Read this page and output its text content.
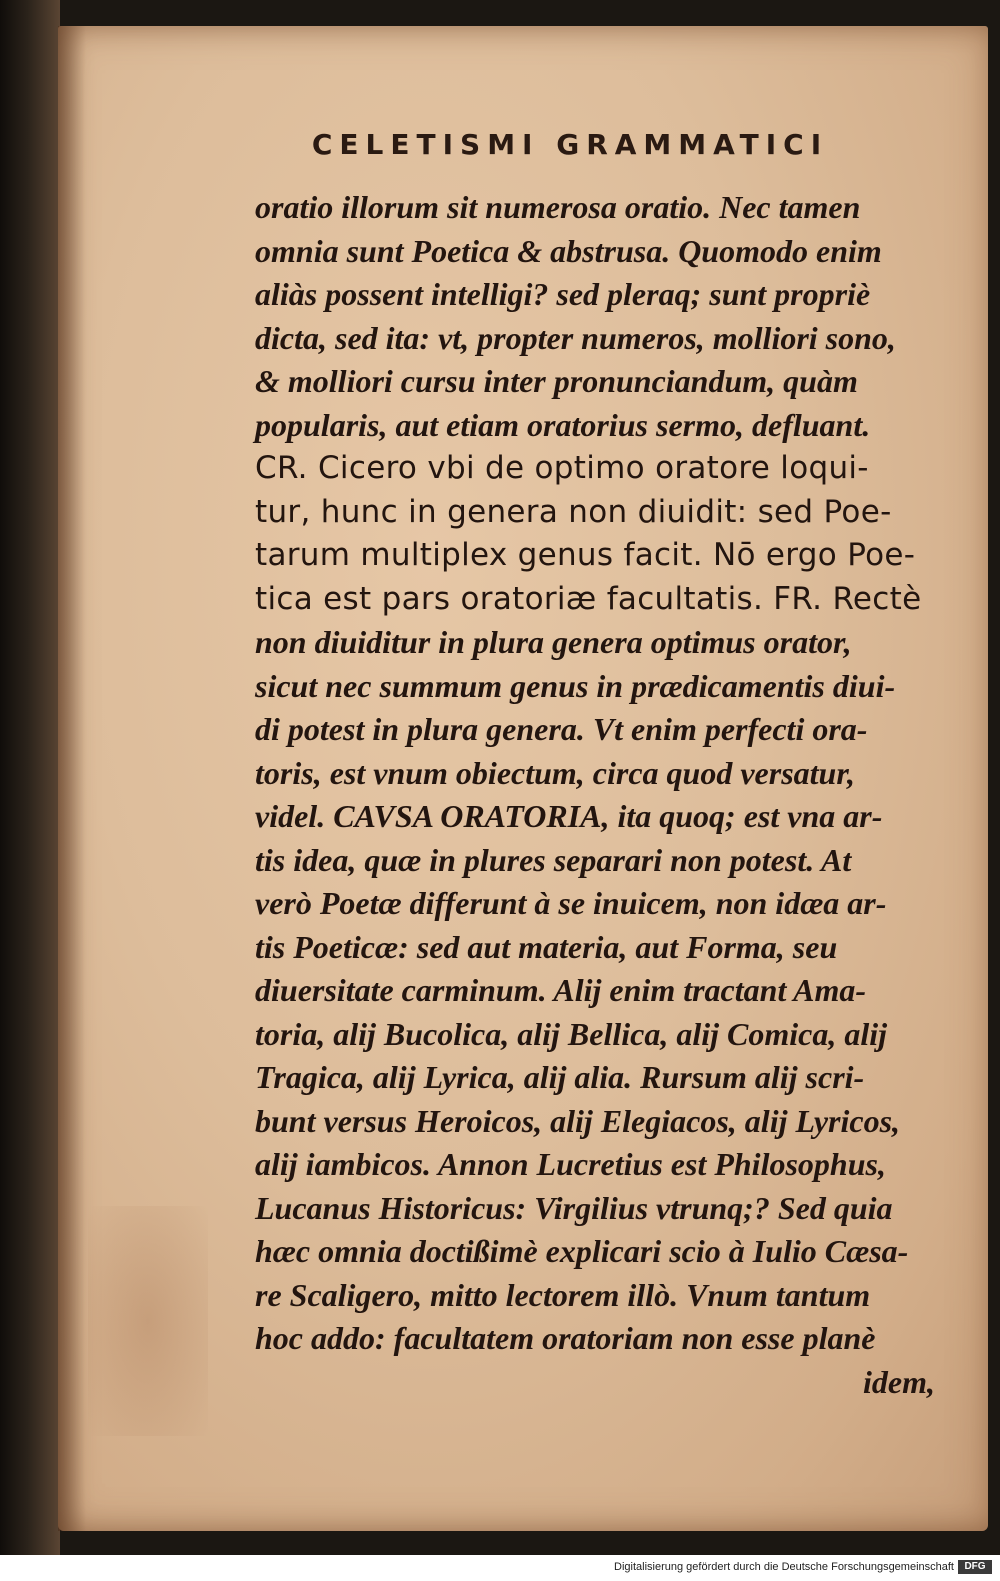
CELETISMI GRAMMATICI
oratio illorum sit numerosa oratio. Nec tamen
omnia sunt Poetica & abstrusa. Quomodo enim
aliàs possent intelligi? sed pleraq; sunt propriè
dicta, sed ita: vt, propter numeros, molliori sono,
& molliori cursu inter pronunciandum, quàm
popularis, aut etiam oratorius sermo, defluant.
CR. Cicero vbi de optimo oratore loqui-
tur, hunc in genera non diuidit: sed Poe-
tarum multiplex genus facit. Nō ergo Poe-
tica est pars oratoriæ facultatis. FR. Rectè
non diuiditur in plura genera optimus orator,
sicut nec summum genus in prædicamentis diui-
di potest in plura genera. Vt enim perfecti ora-
toris, est vnum obiectum, circa quod versatur,
videl. CAVSA ORATORIA, ita quoq; est vna ar-
tis idea, quæ in plures separari non potest. At
verò Poetæ differunt à se inuicem, non idæa ar-
tis Poeticæ: sed aut materia, aut Forma, seu
diuersitate carminum. Alij enim tractant Ama-
toria, alij Bucolica, alij Bellica, alij Comica, alij
Tragica, alij Lyrica, alij alia. Rursum alij scri-
bunt versus Heroicos, alij Elegiacos, alij Lyricos,
alij iambicos. Annon Lucretius est Philosophus,
Lucanus Historicus: Virgilius vtrunq;? Sed quia
hæc omnia doctißimè explicari scio à Iulio Cæsa-
re Scaligero, mitto lectorem illò. Vnum tantum
hoc addo: facultatem oratoriam non esse planè
idem,
Digitalisierung gefördert durch die Deutsche Forschungsgemeinschaft	DFG
